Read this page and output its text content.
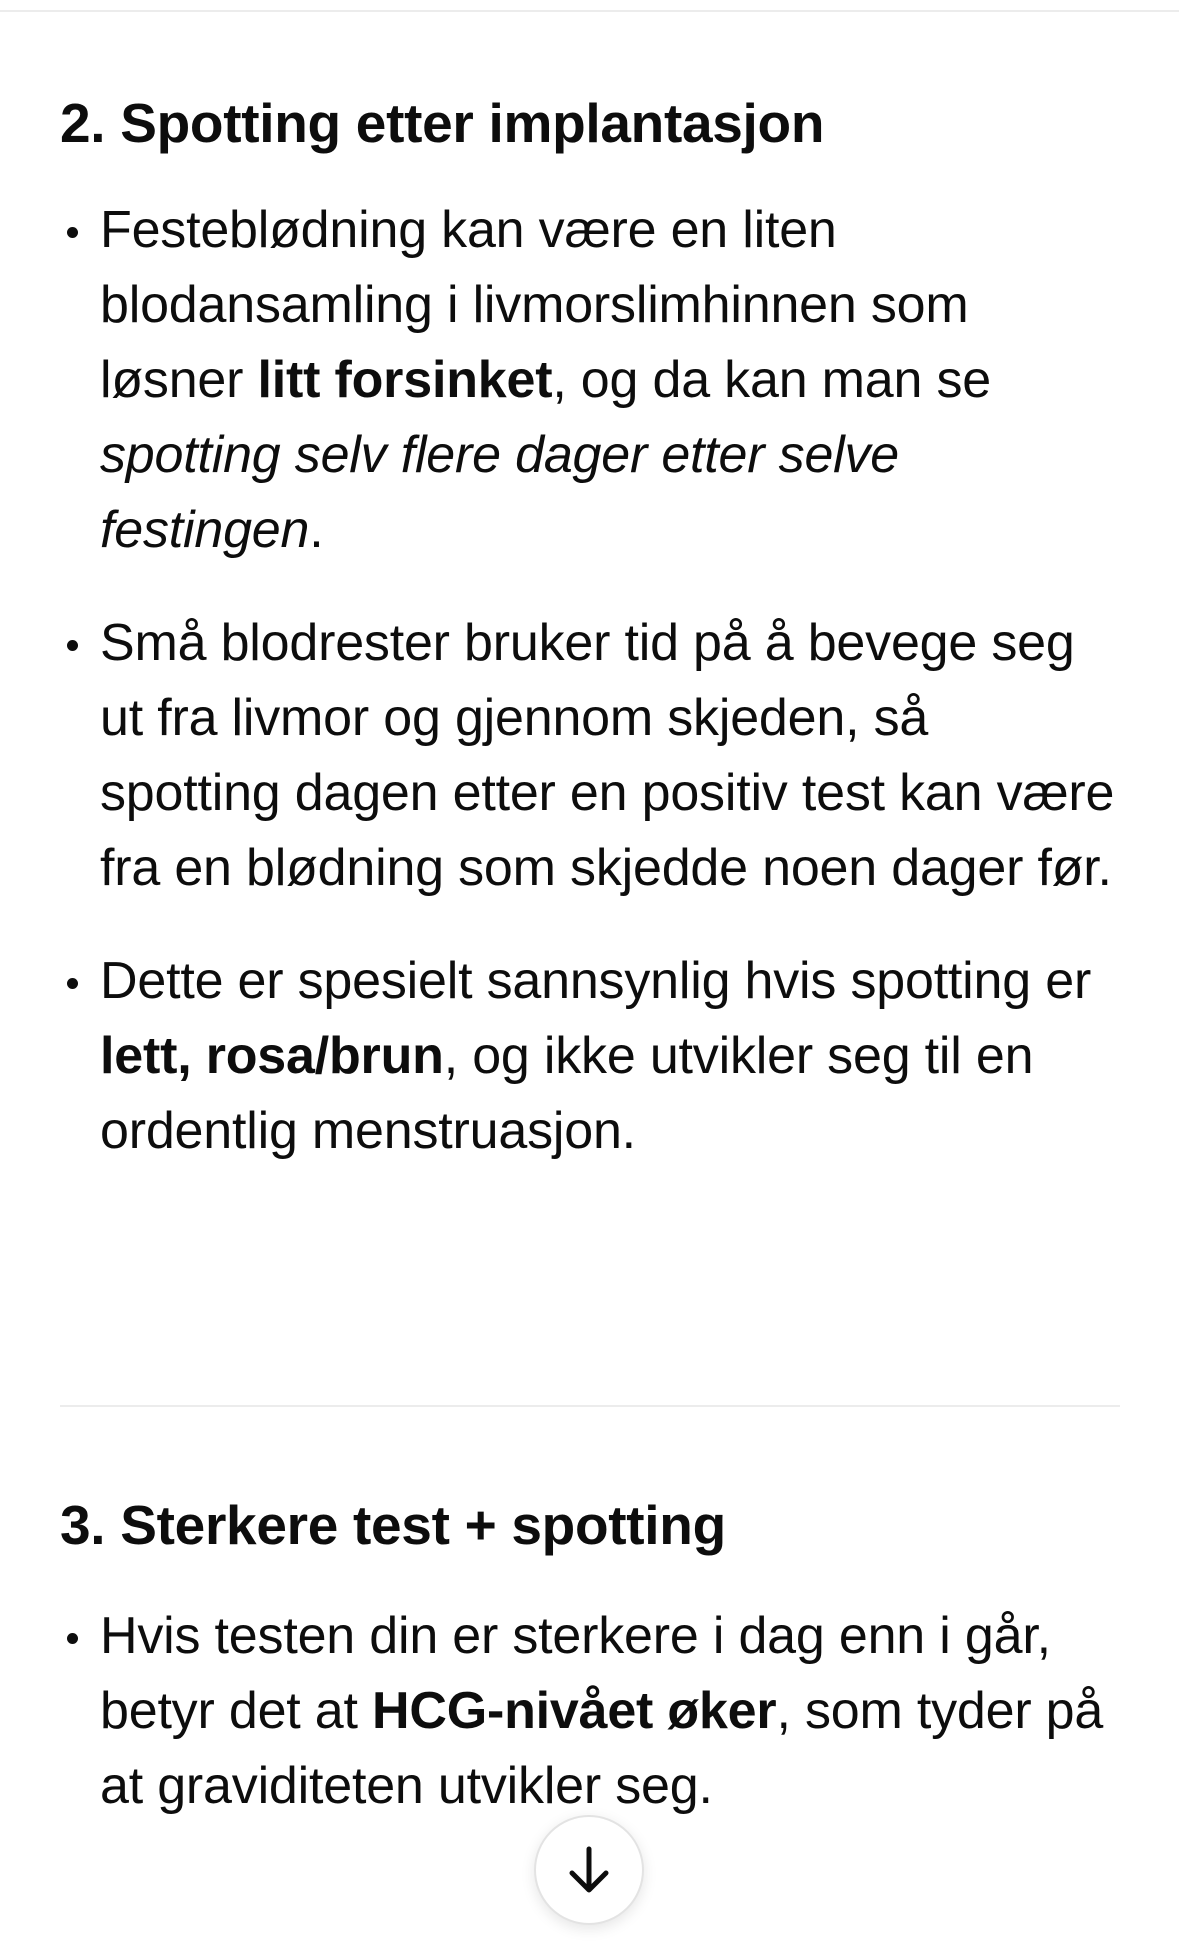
2. Spotting etter implantasjon
Festeblødning kan være en liten blodansamling i livmorslimhinnen som løsner litt forsinket, og da kan man se spotting selv flere dager etter selve festingen.
Små blodrester bruker tid på å bevege seg ut fra livmor og gjennom skjeden, så spotting dagen etter en positiv test kan være fra en blødning som skjedde noen dager før.
Dette er spesielt sannsynlig hvis spotting er lett, rosa/brun, og ikke utvikler seg til en ordentlig menstruasjon.
3. Sterkere test + spotting
Hvis testen din er sterkere i dag enn i går, betyr det at HCG-nivået øker, som tyder på at graviditeten utvikler seg.
